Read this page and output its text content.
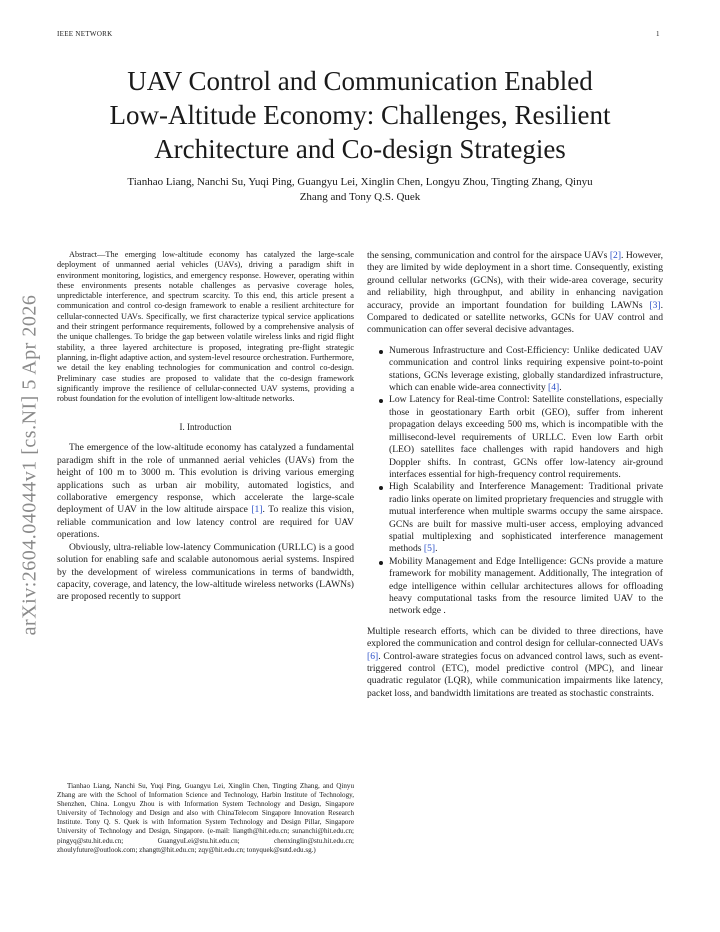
IEEE NETWORK	1
UAV Control and Communication Enabled
Low-Altitude Economy: Challenges, Resilient
Architecture and Co-design Strategies

Tianhao Liang, Nanchi Su, Yuqi Ping, Guangyu Lei, Xinglin Chen, Longyu Zhou, Tingting Zhang, Qinyu
Zhang and Tony Q.S. Quek

arXiv:2604.04044v1 [cs.NI] 5 Apr 2026

Abstract—The emerging low-altitude economy has catalyzed the large-scale deployment of unmanned aerial vehicles (UAVs), driving a paradigm shift in environment monitoring, logistics, and emergency response. However, operating within these environments presents notable challenges as pervasive coverage holes, unpredictable interference, and spectrum scarcity. To this end, this article present a communication and control co-design framework to enable a resilient architecture for cellular-connected UAVs. Specifically, we first characterize typical service applications and their stringent performance requirements, followed by a comprehensive analysis of the unique challenges. To bridge the gap between volatile wireless links and rigid flight stability, a three layered architecture is proposed, integrating pre-flight strategic planning, in-flight adaptive action, and system-level resource orchestration. Furthermore, we detail the key enabling technologies for communication and control co-design. Preliminary case studies are proposed to validate that the co-design framework significantly improve the resilience of cellular-connected UAV systems, providing a robust foundation for the evolution of intelligent low-altitude networks.

I. Introduction

The emergence of the low-altitude economy has catalyzed a fundamental paradigm shift in the role of unmanned aerial vehicles (UAVs) from the height of 100 m to 3000 m. This evolution is driving various emerging applications such as urban air mobility, automated logistics, and collaborative emergency response, which accelerate the large-scale deployment of UAV in the low altitude airspace [1]. To realize this vision, reliable communication and low latency control are required for UAV operations.

Obviously, ultra-reliable low-latency Communication (URLLC) is a good solution for enabling safe and scalable autonomous aerial systems. Inspired by the development of wireless communications in terms of bandwidth, capacity, coverage, and latency, the low-altitude wireless networks (LAWNs) are proposed recently to support

Tianhao Liang, Nanchi Su, Yuqi Ping, Guangyu Lei, Xinglin Chen, Tingting Zhang, and Qinyu Zhang are with the School of Information Science and Technology, Harbin Institute of Technology, Shenzhen, China. Longyu Zhou is with Information System Technology and Design, Singapore University of Technology and Design and also with ChinaTelecom Singapore Innovation Research Institute. Tony Q. S. Quek is with Information System Technology and Design Pillar, Singapore University of Technology and Design, Singapore. (e-mail: liangth@hit.edu.cn; sunanchi@hit.edu.cn; pingyq@stu.hit.edu.cn; GuangyuLei@stu.hit.edu.cn; chenxinglin@stu.hit.edu.cn; zhoulyfuture@outlook.com; zhangtt@hit.edu.cn; zqy@hit.edu.cn; tonyquek@sutd.edu.sg.)

the sensing, communication and control for the airspace UAVs [2]. However, they are limited by wide deployment in a short time. Consequently, existing ground cellular networks (GCNs), with their wide-area coverage, security and reliability, high throughput, and ability in enhancing navigation accuracy, provide an important foundation for building LAWNs [3]. Compared to dedicated or satellite networks, GCNs for UAV control and communication can offer several decisive advantages.

Numerous Infrastructure and Cost-Efficiency: Unlike dedicated UAV communication and control links requiring expensive point-to-point stations, GCNs leverage existing, globally standardized infrastructure, which can enable wide-area connectivity [4].
Low Latency for Real-time Control: Satellite constellations, especially those in geostationary Earth orbit (GEO), suffer from inherent propagation delays exceeding 500 ms, which is incompatible with the millisecond-level requirements of URLLC. Even low Earth orbit (LEO) satellites face challenges with rapid handovers and high Doppler shifts. In contrast, GCNs offer low-latency air-ground interfaces essential for high-frequency control requirements.
High Scalability and Interference Management: Traditional private radio links operate on limited proprietary frequencies and struggle with mutual interference when multiple swarms occupy the same airspace. GCNs are built for massive multi-user access, employing advanced spatial multiplexing and sophisticated interference management methods [5].
Mobility Management and Edge Intelligence: GCNs provide a mature framework for mobility management. Additionally, The integration of edge intelligence within cellular architectures allows for offloading heavy computational tasks from the resource limited UAV to the network edge .

Multiple research efforts, which can be divided to three directions, have explored the communication and control design for cellular-connected UAVs [6]. Control-aware strategies focus on advanced control laws, such as event-triggered control (ETC), model predictive control (MPC), and linear quadratic regulator (LQR), while communication impairments like latency, packet loss, and bandwidth limitations are treated as stochastic constraints.
